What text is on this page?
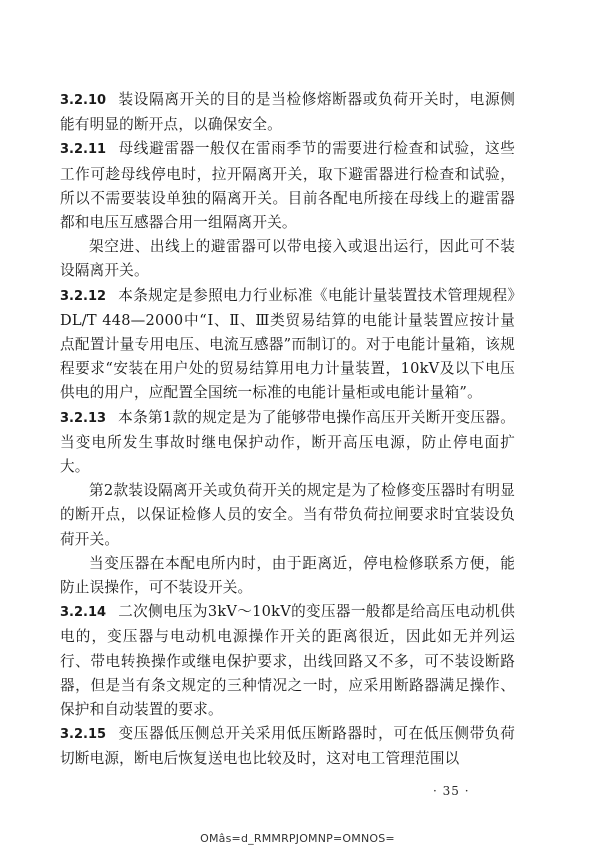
3.2.10 装设隔离开关的目的是当检修熔断器或负荷开关时，电源侧能有明显的断开点，以确保安全。

3.2.11 母线避雷器一般仅在雷雨季节的需要进行检查和试验，这些工作可趁母线停电时，拉开隔离开关，取下避雷器进行检查和试验，所以不需要装设单独的隔离开关。目前各配电所接在母线上的避雷器都和电压互感器合用一组隔离开关。

架空进、出线上的避雷器可以带电接入或退出运行，因此可不装设隔离开关。

3.2.12 本条规定是参照电力行业标准《电能计量装置技术管理规程》DL/T 448—2000中“Ⅰ、Ⅱ、Ⅲ类贸易结算的电能计量装置应按计量点配置计量专用电压、电流互感器”而制订的。对于电能计量箱，该规程要求“安装在用户处的贸易结算用电力计量装置，10kV及以下电压供电的用户，应配置全国统一标准的电能计量柜或电能计量箱”。

3.2.13 本条第1款的规定是为了能够带电操作高压开关断开变压器。当变电所发生事故时继电保护动作，断开高压电源，防止停电面扩大。

第2款装设隔离开关或负荷开关的规定是为了检修变压器时有明显的断开点，以保证检修人员的安全。当有带负荷拉闸要求时宜装设负荷开关。

当变压器在本配电所内时，由于距离近，停电检修联系方便，能防止误操作，可不装设开关。

3.2.14 二次侧电压为3kV～10kV的变压器一般都是给高压电动机供电的，变压器与电动机电源操作开关的距离很近，因此如无并列运行、带电转换操作或继电保护要求，出线回路又不多，可不装设断路器，但是当有条文规定的三种情况之一时，应采用断路器满足操作、保护和自动装置的要求。

3.2.15 变压器低压侧总开关采用低压断路器时，可在低压侧带负荷切断电源，断电后恢复送电也比较及时，这对电工管理范围以

· 35 ·
OMâs=d_RMMRPJOMNP=OMNOS=
